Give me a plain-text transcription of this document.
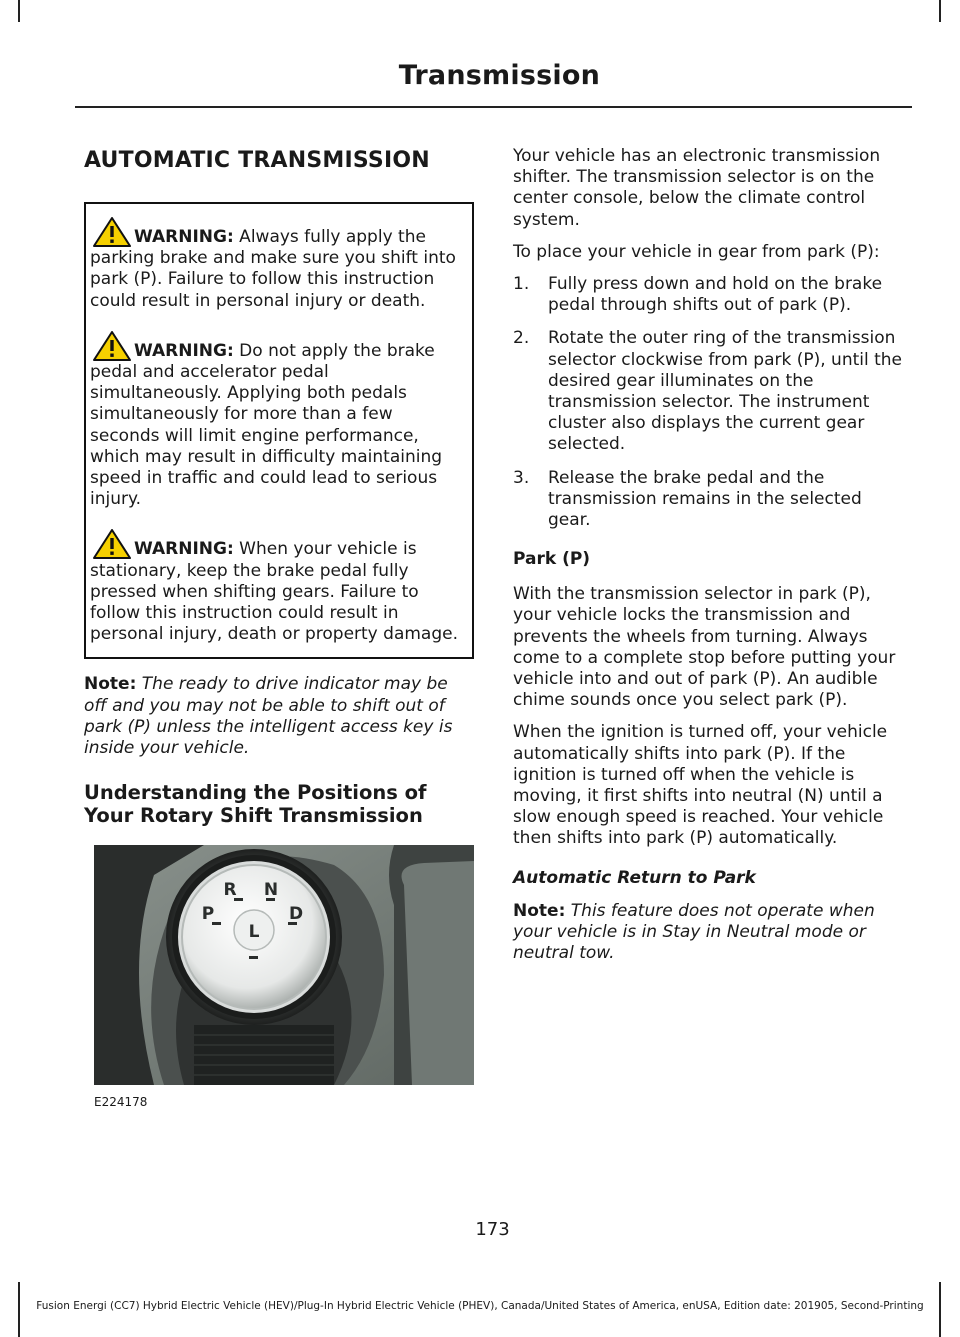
Transmission
AUTOMATIC TRANSMISSION

WARNING: Always fully apply the parking brake and make sure you shift into park (P). Failure to follow this instruction could result in personal injury or death.

WARNING: Do not apply the brake pedal and accelerator pedal simultaneously. Applying both pedals simultaneously for more than a few seconds will limit engine performance, which may result in difficulty maintaining speed in traffic and could lead to serious injury.

WARNING: When your vehicle is stationary, keep the brake pedal fully pressed when shifting gears. Failure to follow this instruction could result in personal injury, death or property damage.

Note: The ready to drive indicator may be off and you may not be able to shift out of park (P) unless the intelligent access key is inside your vehicle.

Understanding the Positions of Your Rotary Shift Transmission
P
R N
D
L
E224178

Your vehicle has an electronic transmission shifter. The transmission selector is on the center console, below the climate control system.

To place your vehicle in gear from park (P):

1.	Fully press down and hold on the brake pedal through shifts out of park (P).
2.	Rotate the outer ring of the transmission selector clockwise from park (P), until the desired gear illuminates on the transmission selector. The instrument cluster also displays the current gear selected.
3.	Release the brake pedal and the transmission remains in the selected gear.
Park (P)

With the transmission selector in park (P), your vehicle locks the transmission and prevents the wheels from turning. Always come to a complete stop before putting your vehicle into and out of park (P). An audible chime sounds once you select park (P).

When the ignition is turned off, your vehicle automatically shifts into park (P). If the ignition is turned off when the vehicle is moving, it first shifts into neutral (N) until a slow enough speed is reached. Your vehicle then shifts into park (P) automatically.

Automatic Return to Park

Note: This feature does not operate when your vehicle is in Stay in Neutral mode or neutral tow.

173
Fusion Energi (CC7) Hybrid Electric Vehicle (HEV)/Plug-In Hybrid Electric Vehicle (PHEV), Canada/United States of America, enUSA, Edition date: 201905, Second-Printing
